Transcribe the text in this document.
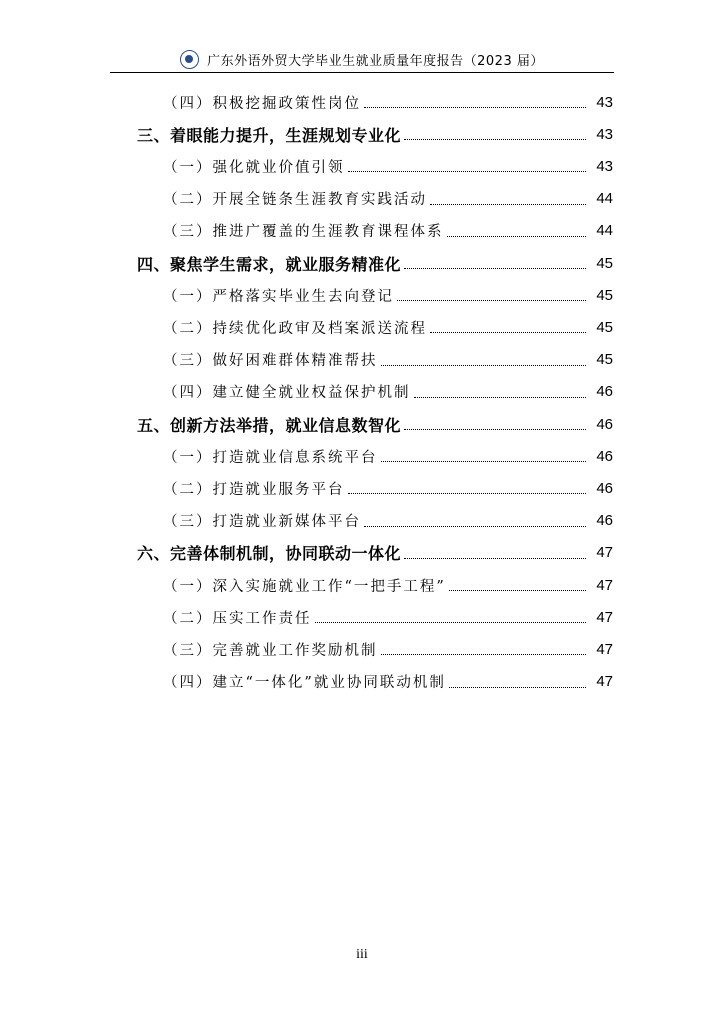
广东外语外贸大学毕业生就业质量年度报告（2023 届）
（四）积极挖掘政策性岗位	43
三、着眼能力提升，生涯规划专业化	43
（一）强化就业价值引领	43
（二）开展全链条生涯教育实践活动	44
（三）推进广覆盖的生涯教育课程体系	44
四、聚焦学生需求，就业服务精准化	45
（一）严格落实毕业生去向登记	45
（二）持续优化政审及档案派送流程	45
（三）做好困难群体精准帮扶	45
（四）建立健全就业权益保护机制	46
五、创新方法举措，就业信息数智化	46
（一）打造就业信息系统平台	46
（二）打造就业服务平台	46
（三）打造就业新媒体平台	46
六、完善体制机制，协同联动一体化	47
（一）深入实施就业工作“一把手工程”	47
（二）压实工作责任	47
（三）完善就业工作奖励机制	47
（四）建立“一体化”就业协同联动机制	47
iii
